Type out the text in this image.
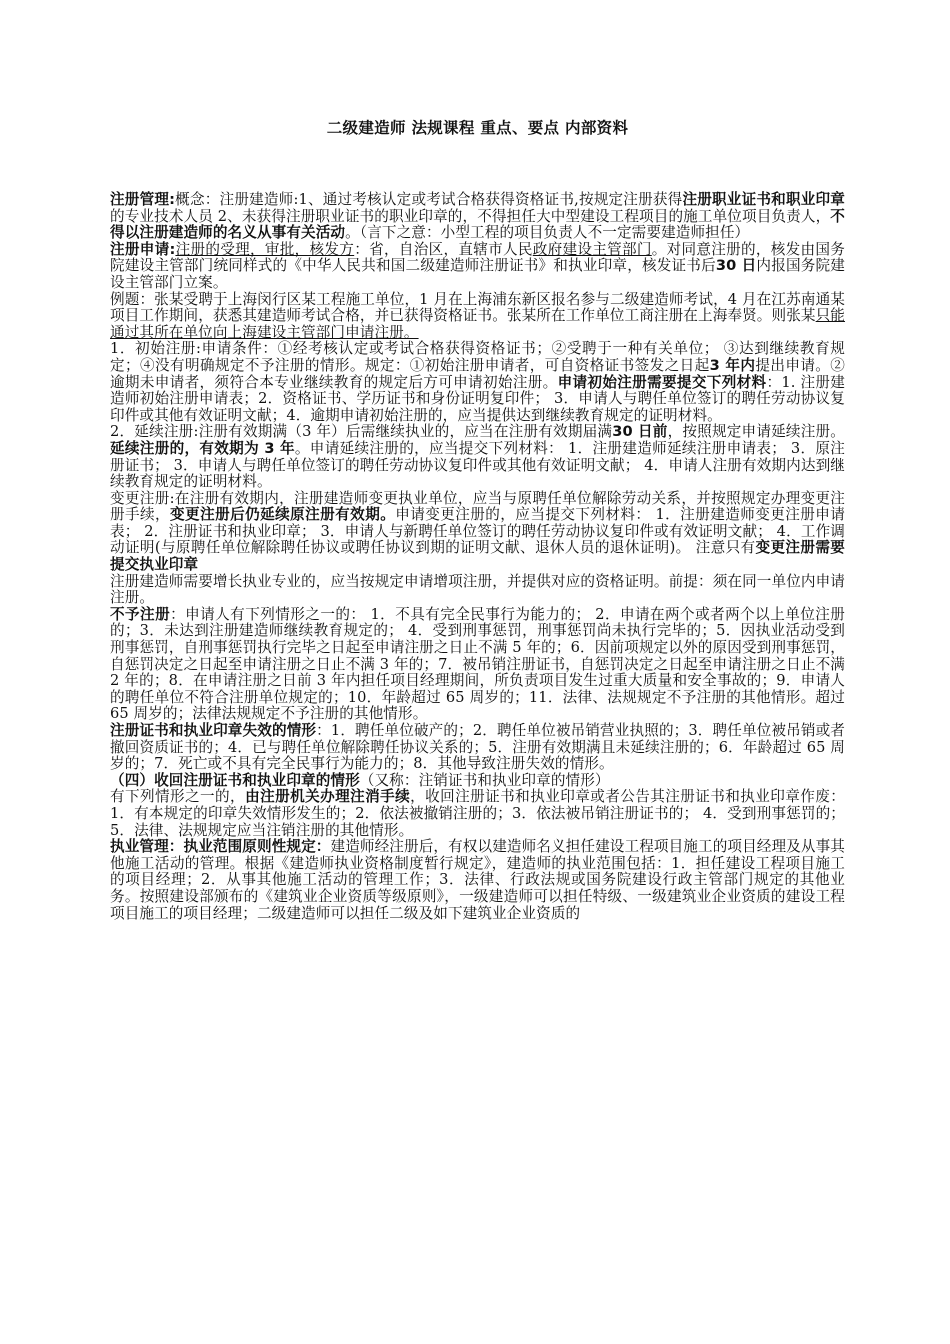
二级建造师 法规课程 重点、要点 内部资料

注册管理:概念：注册建造师:1、通过考核认定或考试合格获得资格证书,按规定注册获得注册职业证书和职业印章的专业技术人员 2、未获得注册职业证书的职业印章的，不得担任大中型建设工程项目的施工单位项目负责人，不得以注册建造师的名义从事有关活动。（言下之意：小型工程的项目负责人不一定需要建造师担任）

注册申请:注册的受理，审批，核发方：省，自治区，直辖市人民政府建设主管部门。对同意注册的，核发由国务院建设主管部门统同样式的《中华人民共和国二级建造师注册证书》和执业印章，核发证书后30 日内报国务院建设主管部门立案。

例题：张某受聘于上海闵行区某工程施工单位，1 月在上海浦东新区报名参与二级建造师考试，4 月在江苏南通某项目工作期间，获悉其建造师考试合格，并已获得资格证书。张某所在工作单位工商注册在上海奉贤。则张某只能通过其所在单位向上海建设主管部门申请注册。

1．初始注册:申请条件：①经考核认定或考试合格获得资格证书；②受聘于一种有关单位； ③达到继续教育规定；④没有明确规定不予注册的情形。规定：①初始注册申请者，可自资格证书签发之日起3 年内提出申请。②逾期未申请者，须符合本专业继续教育的规定后方可申请初始注册。申请初始注册需要提交下列材料：1. 注册建造师初始注册申请表；2．资格证书、学历证书和身份证明复印件； 3．申请人与聘任单位签订的聘任劳动协议复印件或其他有效证明文献；4．逾期申请初始注册的，应当提供达到继续教育规定的证明材料。

2．延续注册:注册有效期满（3 年）后需继续执业的，应当在注册有效期届满30 日前，按照规定申请延续注册。延续注册的，有效期为 3 年。申请延续注册的，应当提交下列材料： 1．注册建造师延续注册申请表； 3．原注册证书； 3．申请人与聘任单位签订的聘任劳动协议复印件或其他有效证明文献； 4．申请人注册有效期内达到继续教育规定的证明材料。

变更注册:在注册有效期内，注册建造师变更执业单位，应当与原聘任单位解除劳动关系，并按照规定办理变更注册手续，变更注册后仍延续原注册有效期。申请变更注册的，应当提交下列材料： 1．注册建造师变更注册申请表； 2．注册证书和执业印章； 3．申请人与新聘任单位签订的聘任劳动协议复印件或有效证明文献； 4．工作调动证明(与原聘任单位解除聘任协议或聘任协议到期的证明文献、退休人员的退休证明)。 注意只有变更注册需要提交执业印章

注册建造师需要增长执业专业的，应当按规定申请增项注册，并提供对应的资格证明。前提：须在同一单位内申请注册。

不予注册：申请人有下列情形之一的： 1．不具有完全民事行为能力的； 2．申请在两个或者两个以上单位注册的；3．未达到注册建造师继续教育规定的； 4．受到刑事惩罚，刑事惩罚尚未执行完毕的；5．因执业活动受到刑事惩罚，自刑事惩罚执行完毕之日起至申请注册之日止不满 5 年的；6．因前项规定以外的原因受到刑事惩罚，自惩罚决定之日起至申请注册之日止不满 3 年的；7．被吊销注册证书，自惩罚决定之日起至申请注册之日止不满 2 年的；8．在申请注册之日前 3 年内担任项目经理期间，所负责项目发生过重大质量和安全事故的；9．申请人的聘任单位不符合注册单位规定的；10．年龄超过 65 周岁的；11．法律、法规规定不予注册的其他情形。超过 65 周岁的；法律法规规定不予注册的其他情形。

注册证书和执业印章失效的情形：1．聘任单位破产的；2．聘任单位被吊销营业执照的；3．聘任单位被吊销或者撤回资质证书的；4．已与聘任单位解除聘任协议关系的；5．注册有效期满且未延续注册的；6．年龄超过 65 周岁的；7．死亡或不具有完全民事行为能力的；8．其他导致注册失效的情形。

（四）收回注册证书和执业印章的情形（又称：注销证书和执业印章的情形）

有下列情形之一的，由注册机关办理注消手续，收回注册证书和执业印章或者公告其注册证书和执业印章作废：1．有本规定的印章失效情形发生的；2．依法被撤销注册的；3．依法被吊销注册证书的； 4．受到刑事惩罚的；5．法律、法规规定应当注销注册的其他情形。

执业管理：执业范围原则性规定：建造师经注册后，有权以建造师名义担任建设工程项目施工的项目经理及从事其他施工活动的管理。根据《建造师执业资格制度暂行规定》，建造师的执业范围包括：1．担任建设工程项目施工的项目经理；2．从事其他施工活动的管理工作；3．法律、行政法规或国务院建设行政主管部门规定的其他业务。按照建设部颁布的《建筑业企业资质等级原则》，一级建造师可以担任特级、一级建筑业企业资质的建设工程项目施工的项目经理；二级建造师可以担任二级及如下建筑业企业资质的
